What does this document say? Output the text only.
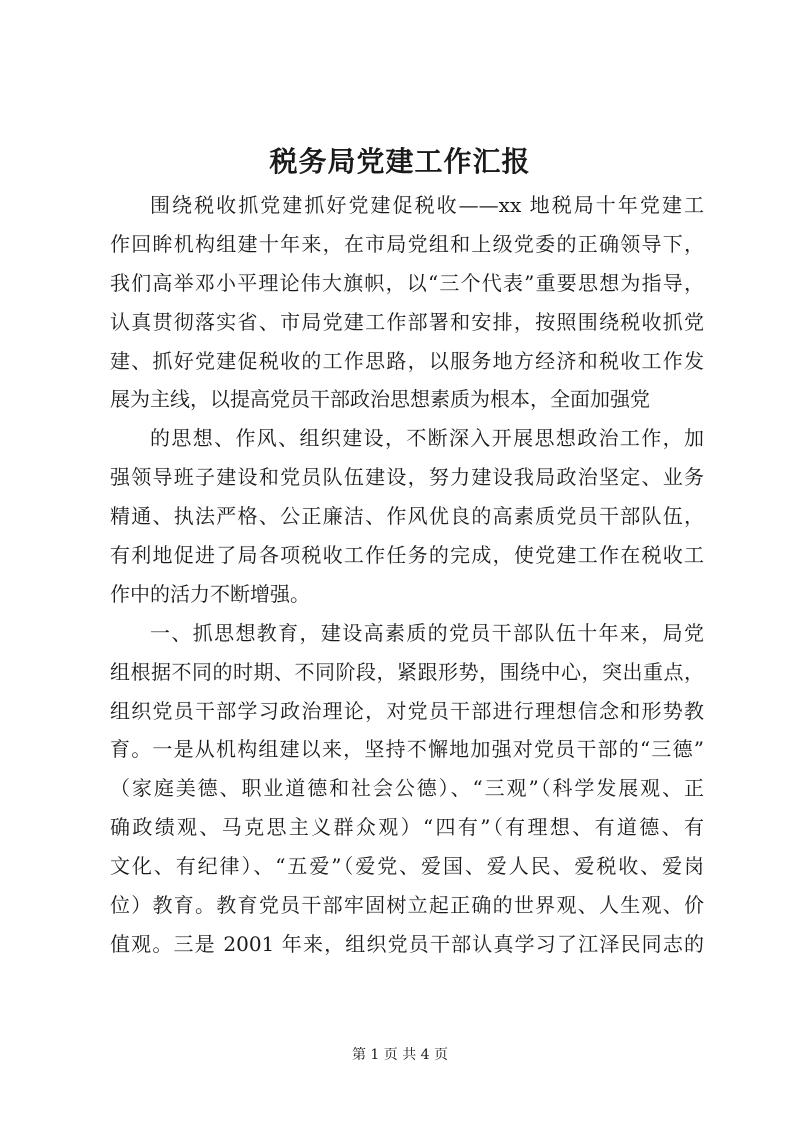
税务局党建工作汇报
围绕税收抓党建抓好党建促税收——xx 地税局十年党建工
作回眸机构组建十年来，在市局党组和上级党委的正确领导下，
我们高举邓小平理论伟大旗帜，以“三个代表”重要思想为指导，
认真贯彻落实省、市局党建工作部署和安排，按照围绕税收抓党
建、抓好党建促税收的工作思路，以服务地方经济和税收工作发
展为主线，以提高党员干部政治思想素质为根本，全面加强党
的思想、作风、组织建设，不断深入开展思想政治工作，加
强领导班子建设和党员队伍建设，努力建设我局政治坚定、业务
精通、执法严格、公正廉洁、作风优良的高素质党员干部队伍，
有利地促进了局各项税收工作任务的完成，使党建工作在税收工
作中的活力不断增强。
一、抓思想教育，建设高素质的党员干部队伍十年来，局党
组根据不同的时期、不同阶段，紧跟形势，围绕中心，突出重点，
组织党员干部学习政治理论，对党员干部进行理想信念和形势教
育。一是从机构组建以来，坚持不懈地加强对党员干部的“三德”
（家庭美德、职业道德和社会公德）、“三观”（科学发展观、正
确政绩观、马克思主义群众观）“四有”（有理想、有道德、有
文化、有纪律）、“五爱”（爱党、爱国、爱人民、爱税收、爱岗
位）教育。教育党员干部牢固树立起正确的世界观、人生观、价
值观。三是 2001 年来，组织党员干部认真学习了江泽民同志的
第 1 页 共 4 页
